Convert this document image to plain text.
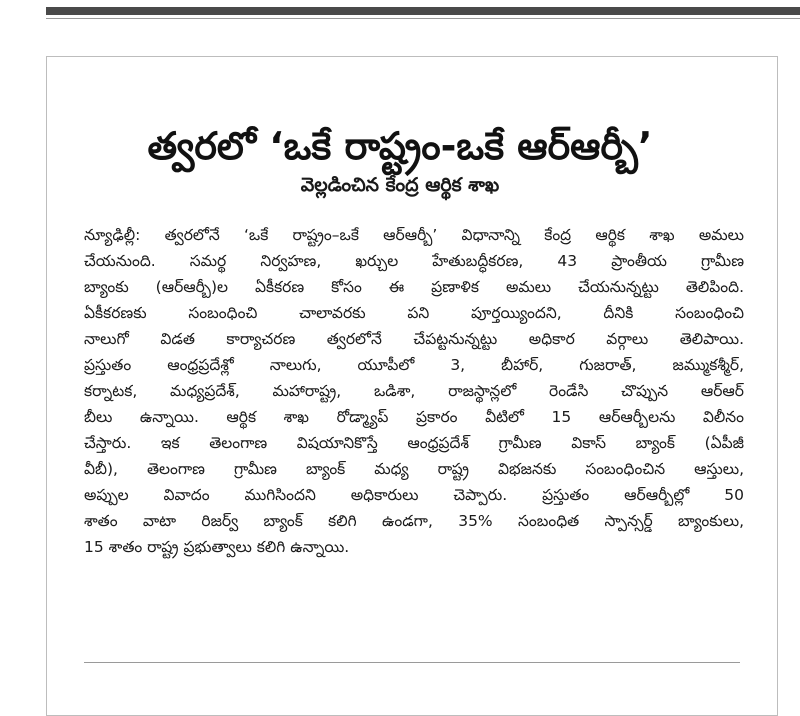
త్వరలో ‘ఒకే రాష్ట్రం-ఒకే ఆర్ఆర్బీ’
వెల్లడించిన కేంద్ర ఆర్థిక శాఖ
న్యూఢిల్లీ: త్వరలోనే ‘ఒకే రాష్ట్రం–ఒకే ఆర్ఆర్బీ’ విధానాన్ని కేంద్ర ఆర్థిక శాఖ అమలు
చేయనుంది. సమర్థ నిర్వహణ, ఖర్చుల హేతుబద్ధీకరణ, 43 ప్రాంతీయ గ్రామీణ
బ్యాంకు (ఆర్ఆర్బీ)ల ఏకీకరణ కోసం ఈ ప్రణాళిక అమలు చేయనున్నట్టు తెలిపింది.
ఏకీకరణకు సంబంధించి చాలావరకు పని పూర్తయ్యిందని, దీనికి సంబంధించి
నాలుగో విడత కార్యాచరణ త్వరలోనే చేపట్టనున్నట్టు అధికార వర్గాలు తెలిపాయి.
ప్రస్తుతం ఆంధ్రప్రదేశ్లో నాలుగు, యూపీలో 3, బీహార్, గుజరాత్, జమ్ముకశ్మీర్,
కర్నాటక, మధ్యప్రదేశ్, మహారాష్ట్ర, ఒడిశా, రాజస్థాన్లలో రెండేసి చొప్పున ఆర్ఆర్
బీలు ఉన్నాయి. ఆర్థిక శాఖ రోడ్మ్యాప్ ప్రకారం వీటిలో 15 ఆర్ఆర్బీలను విలీనం
చేస్తారు. ఇక తెలంగాణ విషయానికొస్తే ఆంధ్రప్రదేశ్ గ్రామీణ వికాస్ బ్యాంక్ (ఏపీజీ
వీబీ), తెలంగాణ గ్రామీణ బ్యాంక్ మధ్య రాష్ట్ర విభజనకు సంబంధించిన ఆస్తులు,
అప్పుల వివాదం ముగిసిందని అధికారులు చెప్పారు. ప్రస్తుతం ఆర్ఆర్బీల్లో 50
శాతం వాటా రిజర్వ్ బ్యాంక్ కలిగి ఉండగా, 35% సంబంధిత స్పాన్సర్డ్ బ్యాంకులు,
15 శాతం రాష్ట్ర ప్రభుత్వాలు కలిగి ఉన్నాయి.
